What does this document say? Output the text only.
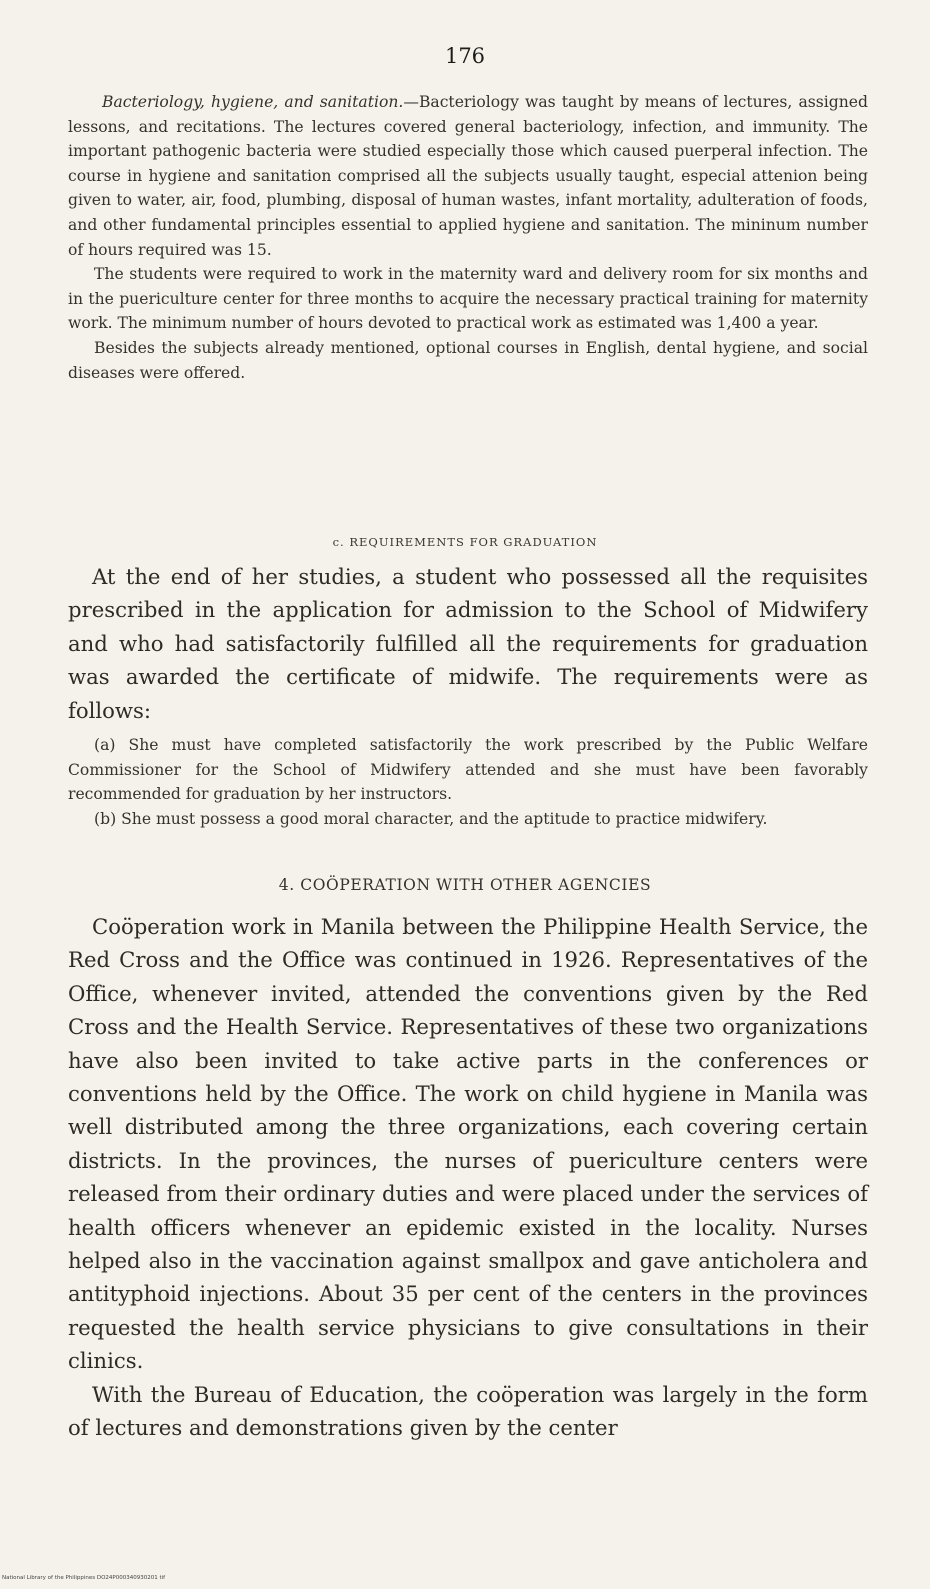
176

Bacteriology, hygiene, and sanitation.—Bacteriology was taught by means of lectures, assigned lessons, and recitations. The lectures covered general bacteriology, infection, and immunity. The important pathogenic bacteria were studied especially those which caused puerperal infection. The course in hygiene and sanitation comprised all the subjects usually taught, especial attenion being given to water, air, food, plumbing, disposal of human wastes, infant mortality, adulteration of foods, and other fundamental principles essential to applied hygiene and sanitation. The mininum number of hours required was 15.

The students were required to work in the maternity ward and delivery room for six months and in the puericulture center for three months to acquire the necessary practical training for maternity work. The minimum number of hours devoted to practical work as estimated was 1,400 a year.

Besides the subjects already mentioned, optional courses in English, dental hygiene, and social diseases were offered.

c. REQUIREMENTS FOR GRADUATION

At the end of her studies, a student who possessed all the requisites prescribed in the application for admission to the School of Midwifery and who had satisfactorily fulfilled all the requirements for graduation was awarded the certificate of midwife. The requirements were as follows:

(a) She must have completed satisfactorily the work prescribed by the Public Welfare Commissioner for the School of Midwifery attended and she must have been favorably recommended for graduation by her instructors.

(b) She must possess a good moral character, and the aptitude to practice midwifery.

4. COÖPERATION WITH OTHER AGENCIES

Coöperation work in Manila between the Philippine Health Service, the Red Cross and the Office was continued in 1926. Representatives of the Office, whenever invited, attended the conventions given by the Red Cross and the Health Service. Representatives of these two organizations have also been invited to take active parts in the conferences or conventions held by the Office. The work on child hygiene in Manila was well distributed among the three organizations, each covering certain districts. In the provinces, the nurses of puericulture centers were released from their ordinary duties and were placed under the services of health officers whenever an epidemic existed in the locality. Nurses helped also in the vaccination against smallpox and gave anticholera and antityphoid injections. About 35 per cent of the centers in the provinces requested the health service physicians to give consultations in their clinics.

With the Bureau of Education, the coöperation was largely in the form of lectures and demonstrations given by the center

National Library of the Philippines DO24P000340930201 tif
